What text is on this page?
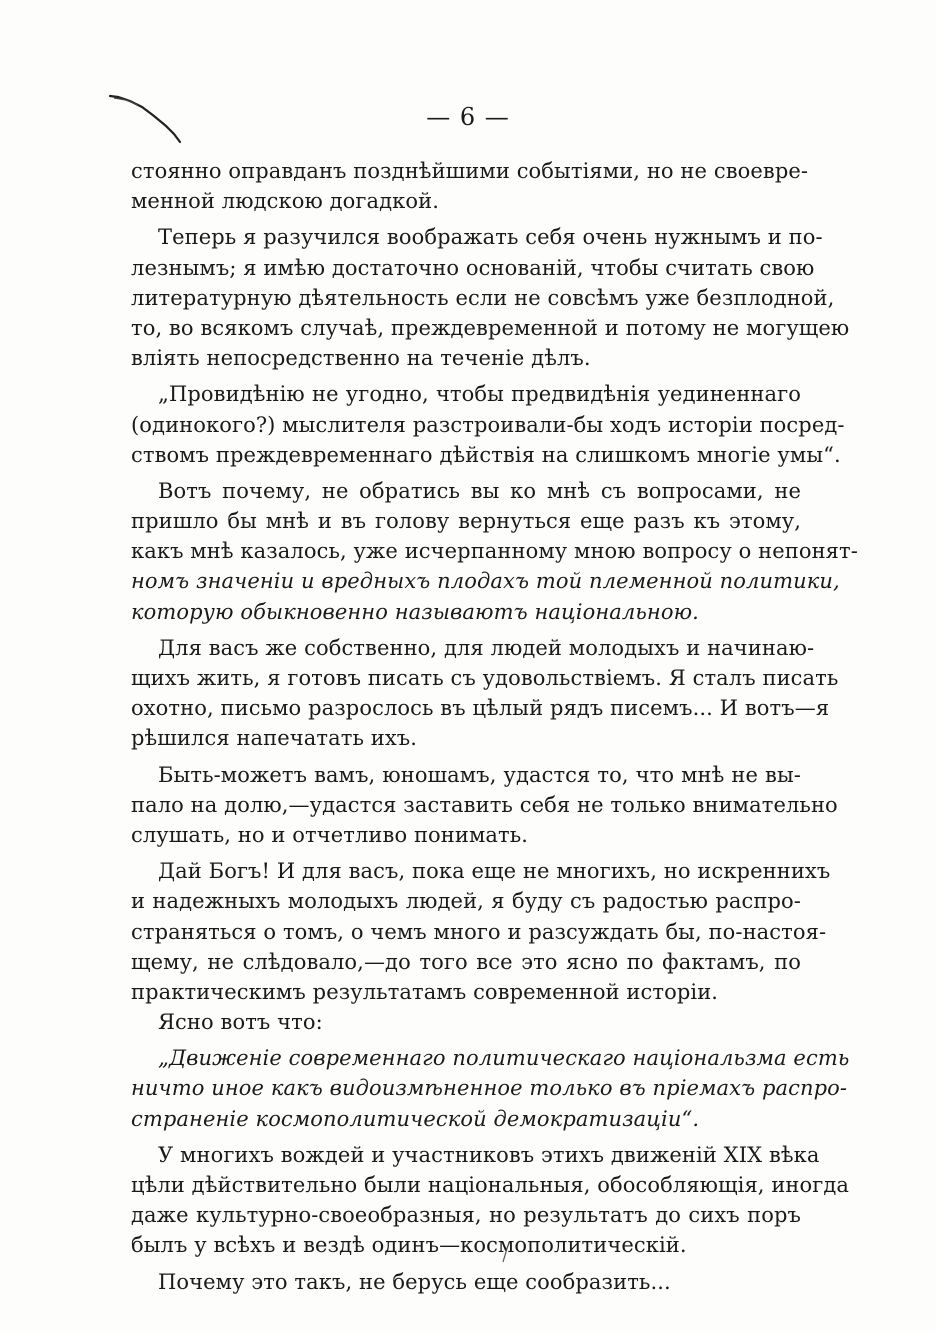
— 6 —
стоянно оправданъ позднѣйшими событіями, но не своевре-
менной людскою догадкой.
Теперь я разучился воображать себя очень нужнымъ и по-
лезнымъ; я имѣю достаточно основаній, чтобы считать свою
литературную дѣятельность если не совсѣмъ уже безплодной,
то, во всякомъ случаѣ, преждевременной и потому не могущею
вліять непосредственно на теченіе дѣлъ.
„Провидѣнію не угодно, чтобы предвидѣнія уединеннаго
(одинокого?) мыслителя разстроивали-бы ходъ исторіи посред-
ствомъ преждевременнаго дѣйствія на слишкомъ многіе умы“.
Вотъ почему, не обратись вы ко мнѣ съ вопросами, не
пришло бы мнѣ и въ голову вернуться еще разъ къ этому,
какъ мнѣ казалось, уже исчерпанному мною вопросу о непонят-
номъ значеніи и вредныхъ плодахъ той племенной политики,
которую обыкновенно называютъ національною.
Для васъ же собственно, для людей молодыхъ и начинаю-
щихъ жить, я готовъ писать съ удовольствіемъ. Я сталъ писать
охотно, письмо разрослось въ цѣлый рядъ писемъ... И вотъ—я
рѣшился напечатать ихъ.
Быть-можетъ вамъ, юношамъ, удастся то, что мнѣ не вы-
пало на долю,—удастся заставить себя не только внимательно
слушать, но и отчетливо понимать.
Дай Богъ! И для васъ, пока еще не многихъ, но искреннихъ
и надежныхъ молодыхъ людей, я буду съ радостью распро-
страняться о томъ, о чемъ много и разсуждать бы, по-настоя-
щему, не слѣдовало,—до того все это ясно по фактамъ, по
практическимъ результатамъ современной исторіи.
Ясно вотъ что:
„Движеніе современнаго политическаго національзма есть
ничто иное какъ видоизмѣненное только въ пріемахъ распро-
страненіе космополитической демократизаціи“.
У многихъ вождей и участниковъ этихъ движеній XIX вѣка
цѣли дѣйствительно были національныя, обособляющія, иногда
даже культурно-своеобразныя, но результатъ до сихъ поръ
былъ у всѣхъ и вездѣ одинъ—космополитическій.
Почему это такъ, не берусь еще сообразить...
